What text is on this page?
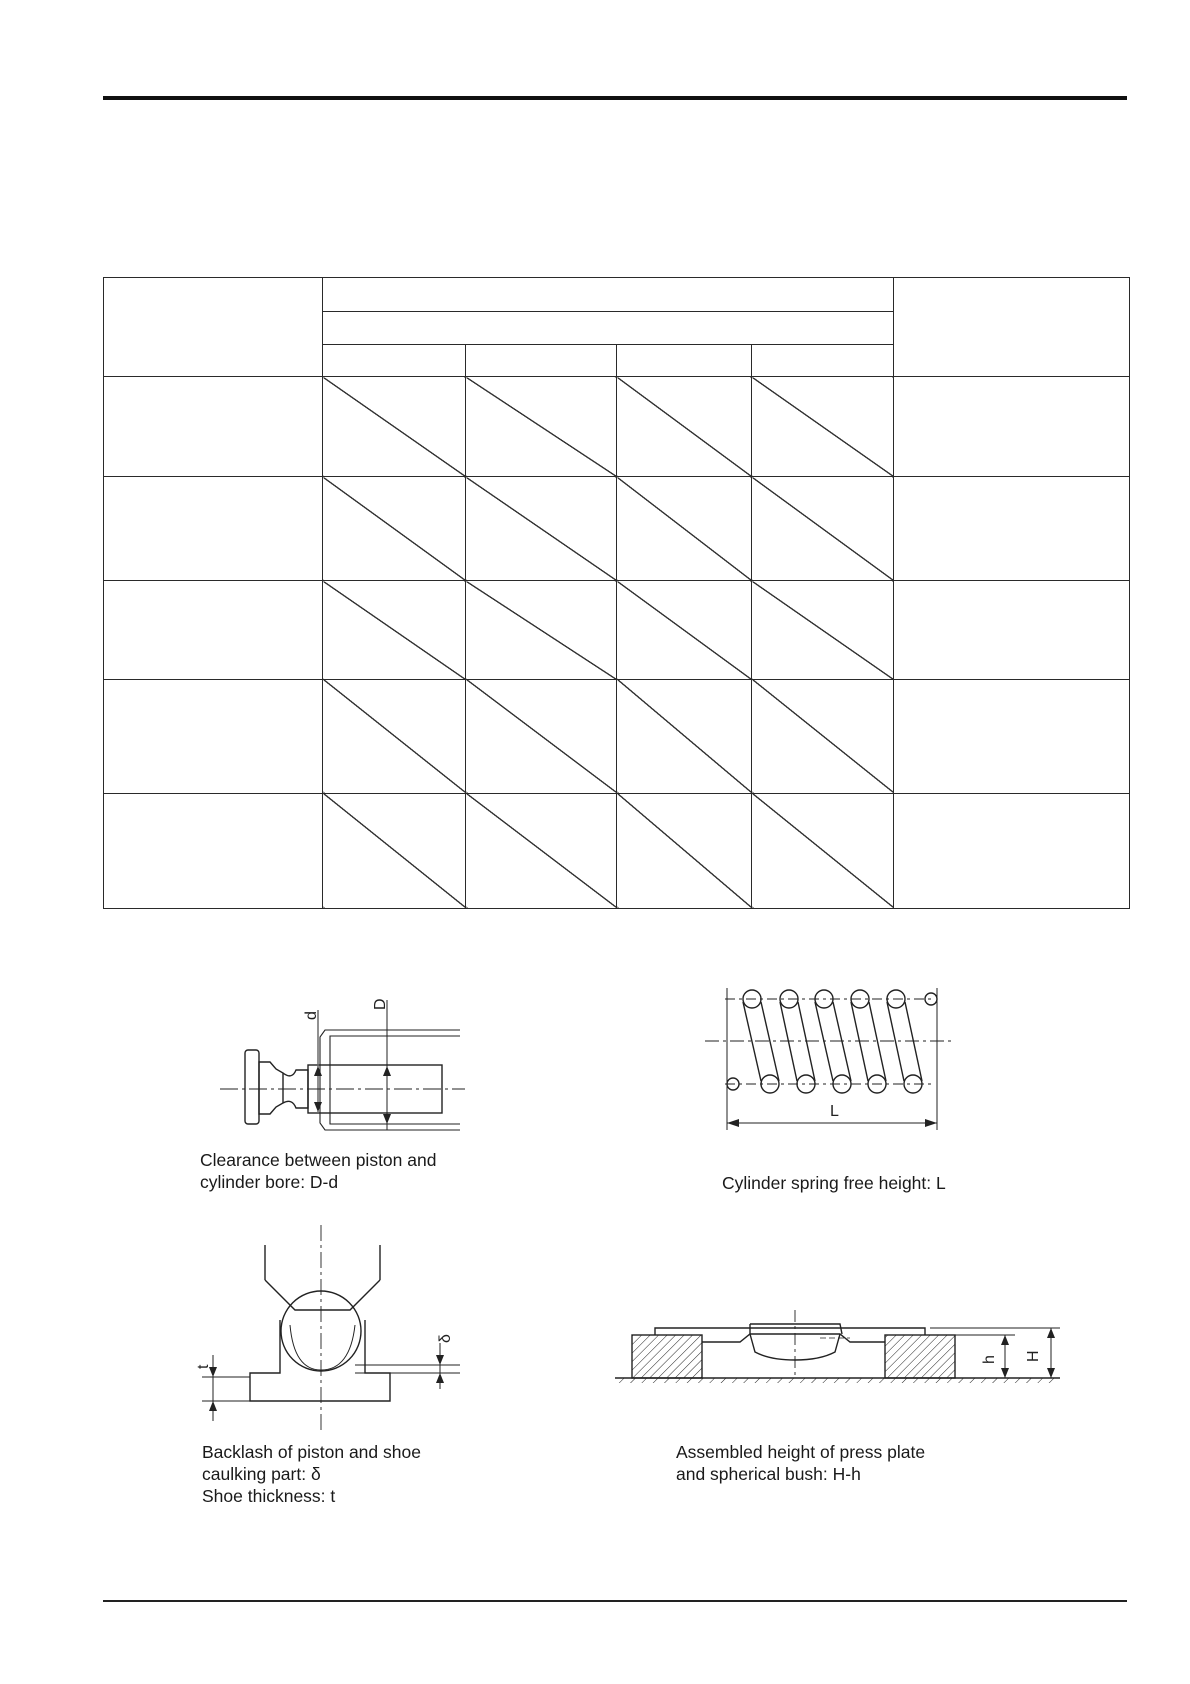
d
D
Clearance between piston and
cylinder bore: D-d
L
Cylinder spring free height: L
t
δ
Backlash of piston and shoe
caulking part: δ
Shoe thickness: t
h H
Assembled height of press plate
and spherical bush: H-h
